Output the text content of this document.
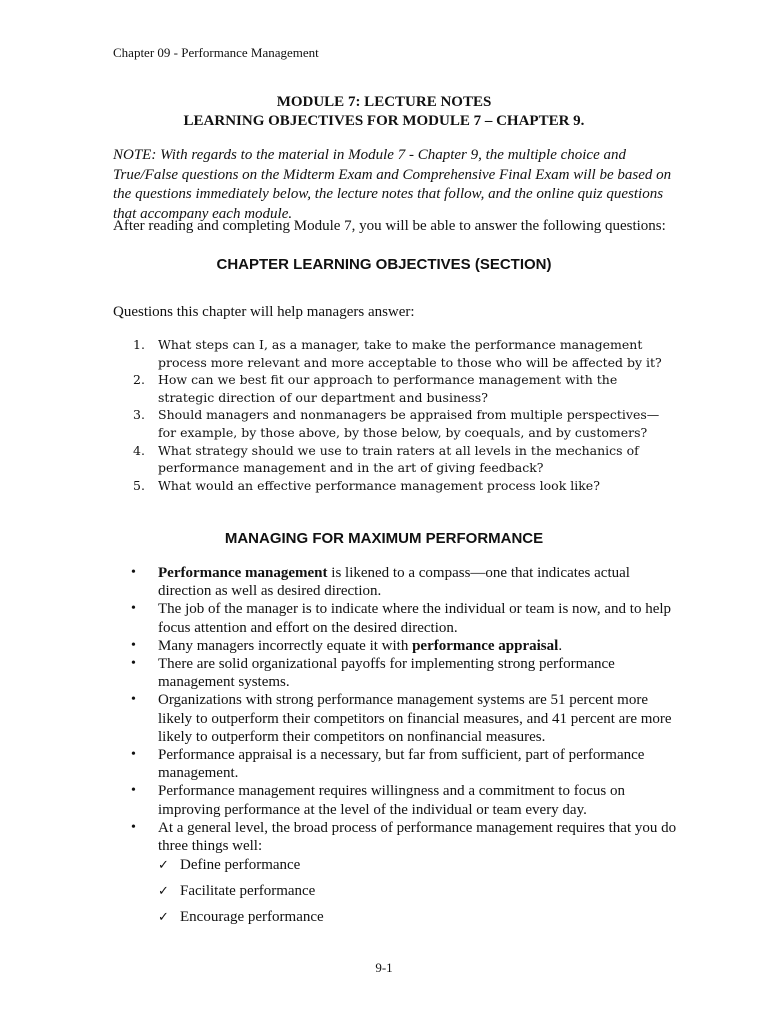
Chapter 09 - Performance Management
MODULE 7: LECTURE NOTES
LEARNING OBJECTIVES FOR MODULE 7 – CHAPTER 9.
NOTE: With regards to the material in Module 7 - Chapter 9, the multiple choice and True/False questions on the Midterm Exam and Comprehensive Final Exam will be based on the questions immediately below, the lecture notes that follow, and the online quiz questions that accompany each module.
After reading and completing Module 7, you will be able to answer the following questions:
CHAPTER LEARNING OBJECTIVES (SECTION)
Questions this chapter will help managers answer:
1. What steps can I, as a manager, take to make the performance management process more relevant and more acceptable to those who will be affected by it?
2. How can we best fit our approach to performance management with the strategic direction of our department and business?
3. Should managers and nonmanagers be appraised from multiple perspectives—for example, by those above, by those below, by coequals, and by customers?
4. What strategy should we use to train raters at all levels in the mechanics of performance management and in the art of giving feedback?
5. What would an effective performance management process look like?
MANAGING FOR MAXIMUM PERFORMANCE
• Performance management is likened to a compass—one that indicates actual direction as well as desired direction.
• The job of the manager is to indicate where the individual or team is now, and to help focus attention and effort on the desired direction.
• Many managers incorrectly equate it with performance appraisal.
• There are solid organizational payoffs for implementing strong performance management systems.
• Organizations with strong performance management systems are 51 percent more likely to outperform their competitors on financial measures, and 41 percent are more likely to outperform their competitors on nonfinancial measures.
• Performance appraisal is a necessary, but far from sufficient, part of performance management.
• Performance management requires willingness and a commitment to focus on improving performance at the level of the individual or team every day.
• At a general level, the broad process of performance management requires that you do three things well:
✓ Define performance
✓ Facilitate performance
✓ Encourage performance
9-1
